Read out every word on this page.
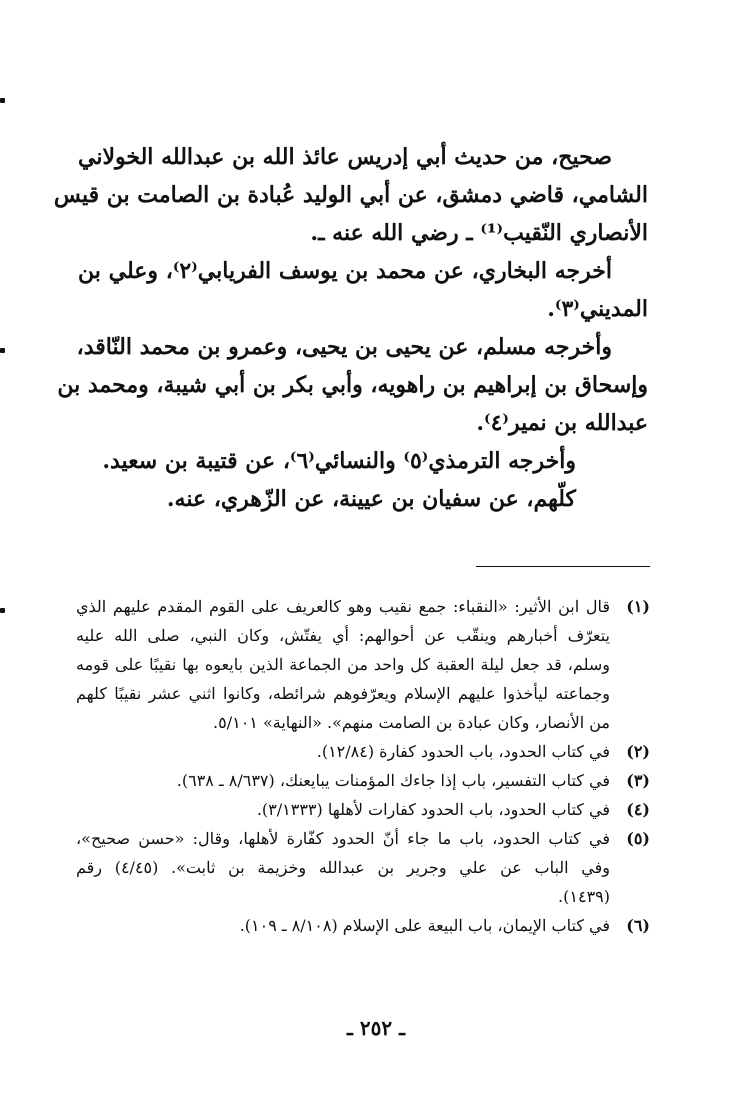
صحيح، من حديث أبي إدريس عائذ الله بن عبدالله الخولاني
الشامي، قاضي دمشق، عن أبي الوليد عُبادة بن الصامت بن قيس
الأنصاري النّقيب⁽¹⁾ ـ رضي الله عنه ـ.
أخرجه البخاري، عن محمد بن يوسف الفريابي⁽٢⁾، وعلي بن
المديني⁽٣⁾.
وأخرجه مسلم، عن يحيى بن يحيى، وعمرو بن محمد النّاقد،
وإسحاق بن إبراهيم بن راهويه، وأبي بكر بن أبي شيبة، ومحمد بن
عبدالله بن نمير⁽٤⁾.
وأخرجه الترمذي⁽٥⁾ والنسائي⁽٦⁾، عن قتيبة بن سعيد.
كلّهم، عن سفيان بن عيينة، عن الزّهري، عنه.
(١)
قال ابن الأثير: «النقباء: جمع نقيب وهو كالعريف على القوم المقدم عليهم الذي
يتعرّف أخبارهم وينقّب عن أحوالهم: أي يفتّش، وكان النبي، صلى الله عليه
وسلم، قد جعل ليلة العقبة كل واحد من الجماعة الذين بايعوه بها نقيبًا على قومه
وجماعته ليأخذوا عليهم الإسلام ويعرّفوهم شرائطه، وكانوا اثني عشر نقيبًا كلهم
من الأنصار، وكان عبادة بن الصامت منهم». «النهاية» ٥/١٠١.
(٢)
في كتاب الحدود، باب الحدود كفارة (١٢/٨٤).
(٣)
في كتاب التفسير، باب إذا جاءك المؤمنات يبايعنك، (٨/٦٣٧ ـ ٦٣٨).
(٤)
في كتاب الحدود، باب الحدود كفارات لأهلها (٣/١٣٣٣).
(٥)
في كتاب الحدود، باب ما جاء أنّ الحدود كفّارة لأهلها، وقال: «حسن صحيح»،
وفي الباب عن علي وجرير بن عبدالله وخزيمة بن ثابت». (٤/٤٥) رقم
(١٤٣٩).
(٦)
في كتاب الإيمان، باب البيعة على الإسلام (٨/١٠٨ ـ ١٠٩).
ـ ٢٥٢ ـ
